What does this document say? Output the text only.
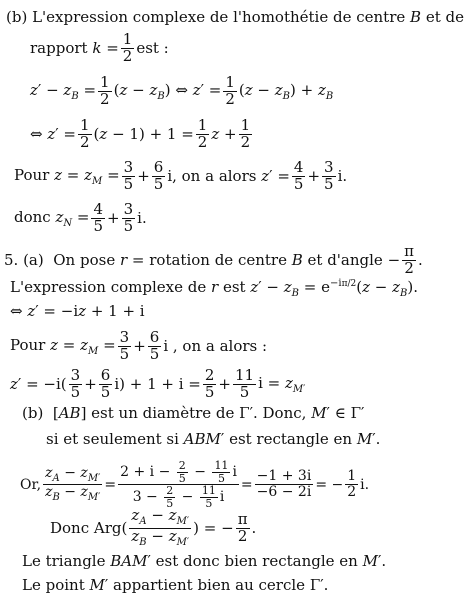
(b) L'expression complexe de l'homothétie de centre B et de
rapport $k = \frac{1}{2}$ est :
$z' - z_B = \frac{1}{2} (z - z_B)$ ⇔ $z' = \frac{1}{2} (z - z_B) + z_B$
⇔ $z' = \frac{1}{2} (z - 1) + 1 = \frac{1}{2}$ $z + \frac{1}{2}$
Pour $z = z_M = \frac{3}{5} + \frac{6}{5} i$, on a alors $z' = \frac{4}{5} + \frac{3}{5} i$.
donc $z_N = \frac{4}{5} + \frac{3}{5} i$.
5. (a)  On pose r = rotation de centre B et d'angle − $\frac{\pi}{2}$ .
L'expression complexe de r est $z' - z_B = e^{-i\pi/2}(z - z_B)$.
⇔ z′ = −iz + 1 + i
Pour $z = z_M = \frac{3}{5} + \frac{6}{5}$ i , on a alors :
$z' = -i( \frac{3}{5} + \frac{6}{5} i) + 1 + i = \frac{2}{5} + \frac{11}{5}$ $i = z_{M'}$
(b)  [AB] est un diamètre de Γ′. Donc, M′ ∈ Γ′
si et seulement si ABM′ est rectangle en M′.
Or, $\frac{z_A - z_{M'}}{z_B - z_{M'}} = \frac{2 + i - \frac{2}{5} - \frac{11}{5} i}{3 - \frac{2}{5} - \frac{11}{5} i} = \frac{-1 + 3i}{-6 - 2i}$ = − $\frac{1}{2} i$.
Donc $Arg( \frac{z_A - z_{M'}}{z_B - z_{M'}}$ ) = − $\frac{\pi}{2}$ .
Le triangle BAM′ est donc bien rectangle en M′.
Le point M′ appartient bien au cercle Γ′.
